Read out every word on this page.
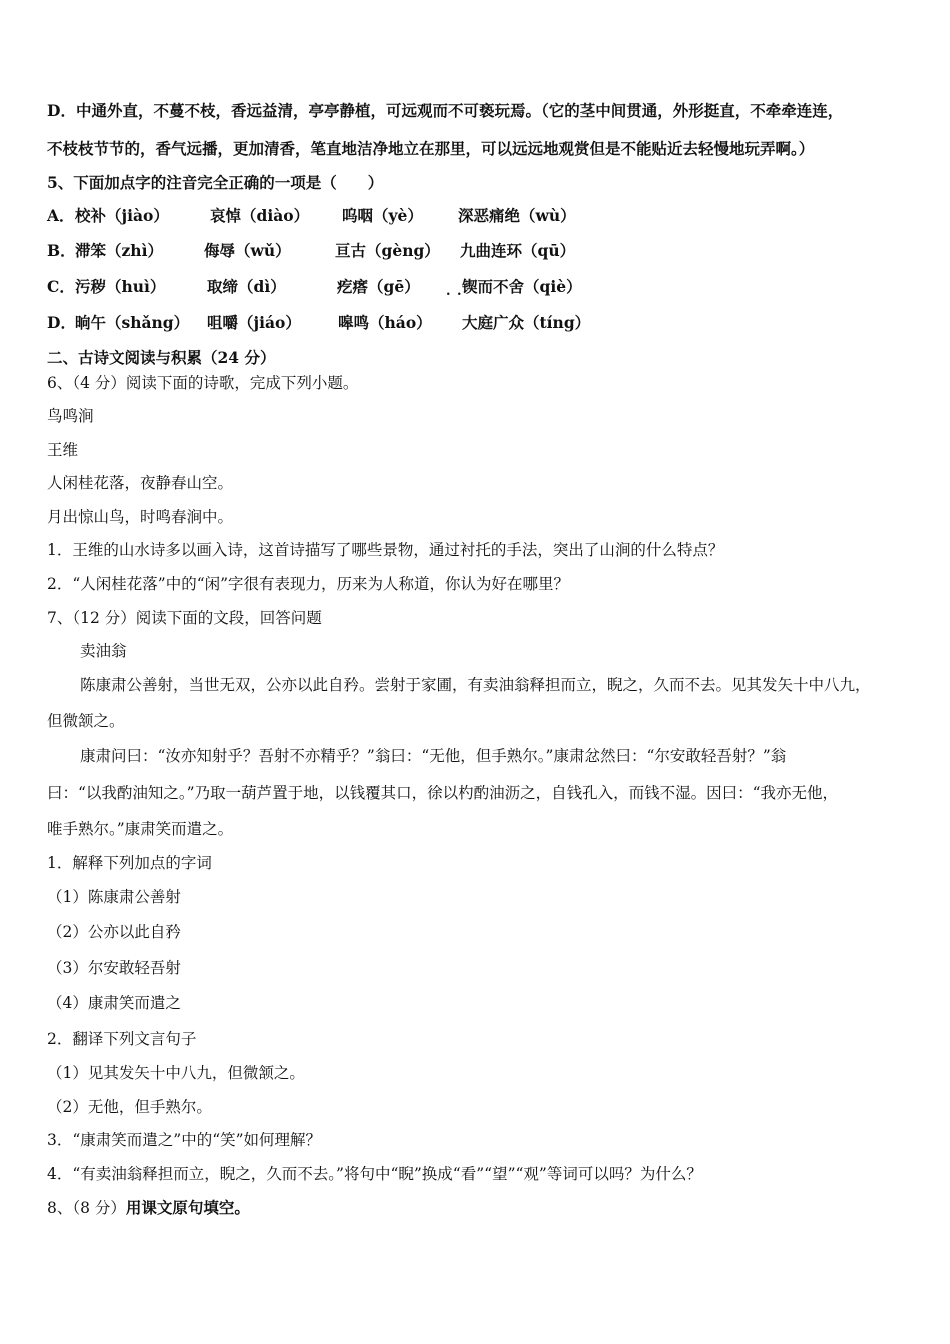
D．中通外直，不蔓不枝，香远益清，亭亭静植，可远观而不可亵玩焉。（它的茎中间贯通，外形挺直，不牵牵连连，
不枝枝节节的，香气远播，更加清香，笔直地洁净地立在那里，可以远远地观赏但是不能贴近去轻慢地玩弄啊。）
5、下面加点字的注音完全正确的一项是（　　）
A． 校补（jiào）	哀悼（diào） 呜咽（yè） 深恶痛绝（wù）
B． 滞笨（zhì）	侮辱（wǔ）	亘古（gèng） 九曲连环（qū）
C． 污秽（huì）	取缔（dì）	疙瘩（gē） . . 锲而不舍（qiè）
D． 晌午（shǎng） 咀嚼（jiáo） 嗥鸣（háo） 大庭广众（tíng）
二、古诗文阅读与积累（24 分）
6、（4 分）阅读下面的诗歌，完成下列小题。
鸟鸣涧
王维
人闲桂花落，夜静春山空。
月出惊山鸟，时鸣春涧中。
1．王维的山水诗多以画入诗，这首诗描写了哪些景物，通过衬托的手法，突出了山涧的什么特点？
2．“人闲桂花落”中的“闲”字很有表现力，历来为人称道，你认为好在哪里？
7、（12 分）阅读下面的文段，回答问题
卖油翁
陈康肃公善射，当世无双，公亦以此自矜。尝射于家圃，有卖油翁释担而立，睨之，久而不去。见其发矢十中八九，
但微颔之。
康肃问曰：“汝亦知射乎？吾射不亦精乎？”翁曰：“无他，但手熟尔。”康肃忿然曰：“尔安敢轻吾射？”翁
曰：“以我酌油知之。”乃取一葫芦置于地，以钱覆其口，徐以杓酌油沥之，自钱孔入，而钱不湿。因曰：“我亦无他，
唯手熟尔。”康肃笑而遣之。
1．解释下列加点的字词
（1）陈康肃公善射
（2）公亦以此自矜
（3）尔安敢轻吾射
（4）康肃笑而遣之
2．翻译下列文言句子
（1）见其发矢十中八九，但微颔之。
（2）无他，但手熟尔。
3．“康肃笑而遣之”中的“笑”如何理解？
4．“有卖油翁释担而立，睨之，久而不去。”将句中“睨”换成“看”“望”“观”等词可以吗？为什么？
8、（8 分）用课文原句填空。
